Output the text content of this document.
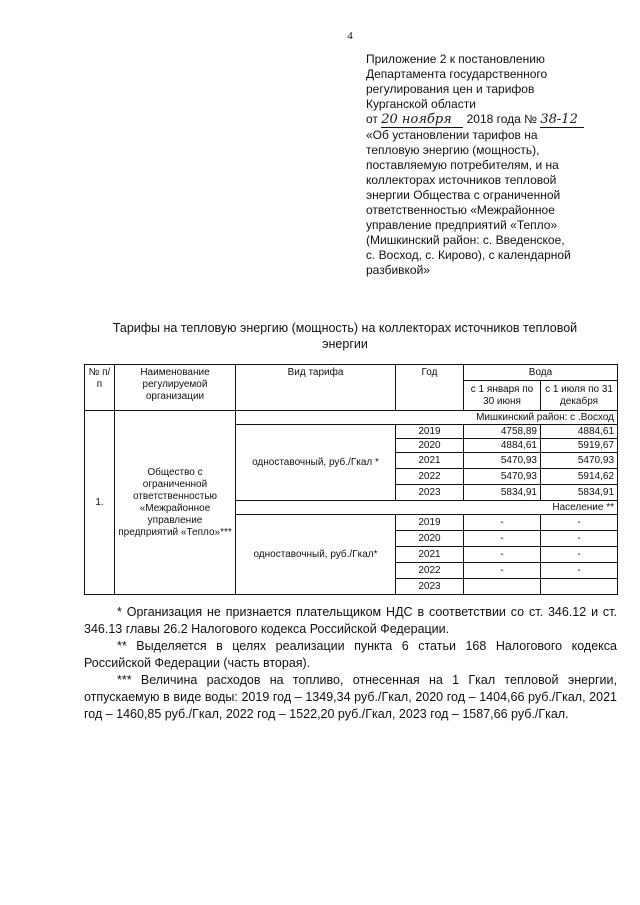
4
Приложение 2 к постановлению
Департамента государственного
регулирования цен и тарифов
Курганской области
от 20 ноября 2018 года № 38-12
«Об установлении тарифов на
тепловую энергию (мощность),
поставляемую потребителям, и на
коллекторах источников тепловой
энергии Общества с ограниченной
ответственностью «Межрайонное
управление предприятий «Тепло»
(Мишкинский район: с. Введенское,
с. Восход, с. Кирово), с календарной
разбивкой»
Тарифы на тепловую энергию (мощность) на коллекторах источников тепловой энергии
№ п/п	Наименование регулируемой организации	Вид тарифа	Год	Вода	
				с 1 января по 30 июня	с 1 июля по 31 декабря
1.	Общество с ограниченной ответственностью «Межрайонное управление предприятий «Тепло»***	Мишкинский район: с .Восход			
		одноставочный, руб./Гкал *	2019	4758,89	4884,61
			2020	4884,61	5919,67
			2021	5470,93	5470,93
			2022	5470,93	5914,62
			2023	5834,91	5834,91
		Население **			
		одноставочный, руб./Гкал*	2019	-	-
			2020	-	-
			2021	-	-
			2022	-	-
			2023		

* Организация не признается плательщиком НДС в соответствии со ст. 346.12 и ст. 346.13 главы 26.2 Налогового кодекса Российской Федерации.

** Выделяется в целях реализации пункта 6 статьи 168 Налогового кодекса Российской Федерации (часть вторая).

*** Величина расходов на топливо, отнесенная на 1 Гкал тепловой энергии, отпускаемую в виде воды: 2019 год – 1349,34 руб./Гкал, 2020 год – 1404,66 руб./Гкал, 2021 год – 1460,85 руб./Гкал, 2022 год – 1522,20 руб./Гкал, 2023 год – 1587,66 руб./Гкал.
